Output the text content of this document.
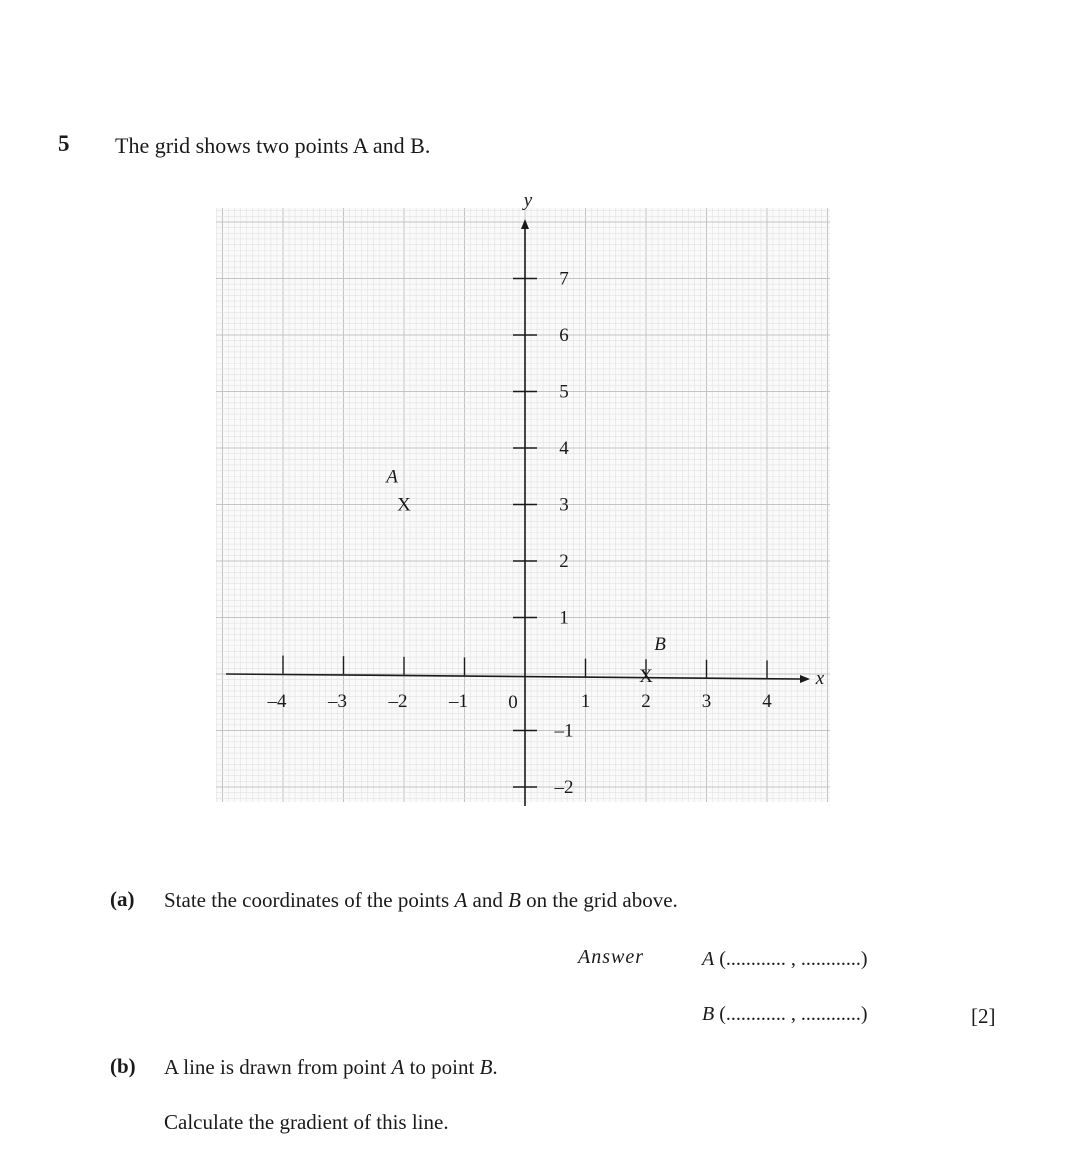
5 The grid shows two points A and B.
–4 –3 –2 –1	1	2	3	4
7
6
5
4
3
2
1
–1
–2
0
x
y
A
X
B
X
(a) State the coordinates of the points A and B on the grid above.
Answer	A (............ , ............)
B (............ , ............)	[2]
(b) A line is drawn from point A to point B.
Calculate the gradient of this line.
